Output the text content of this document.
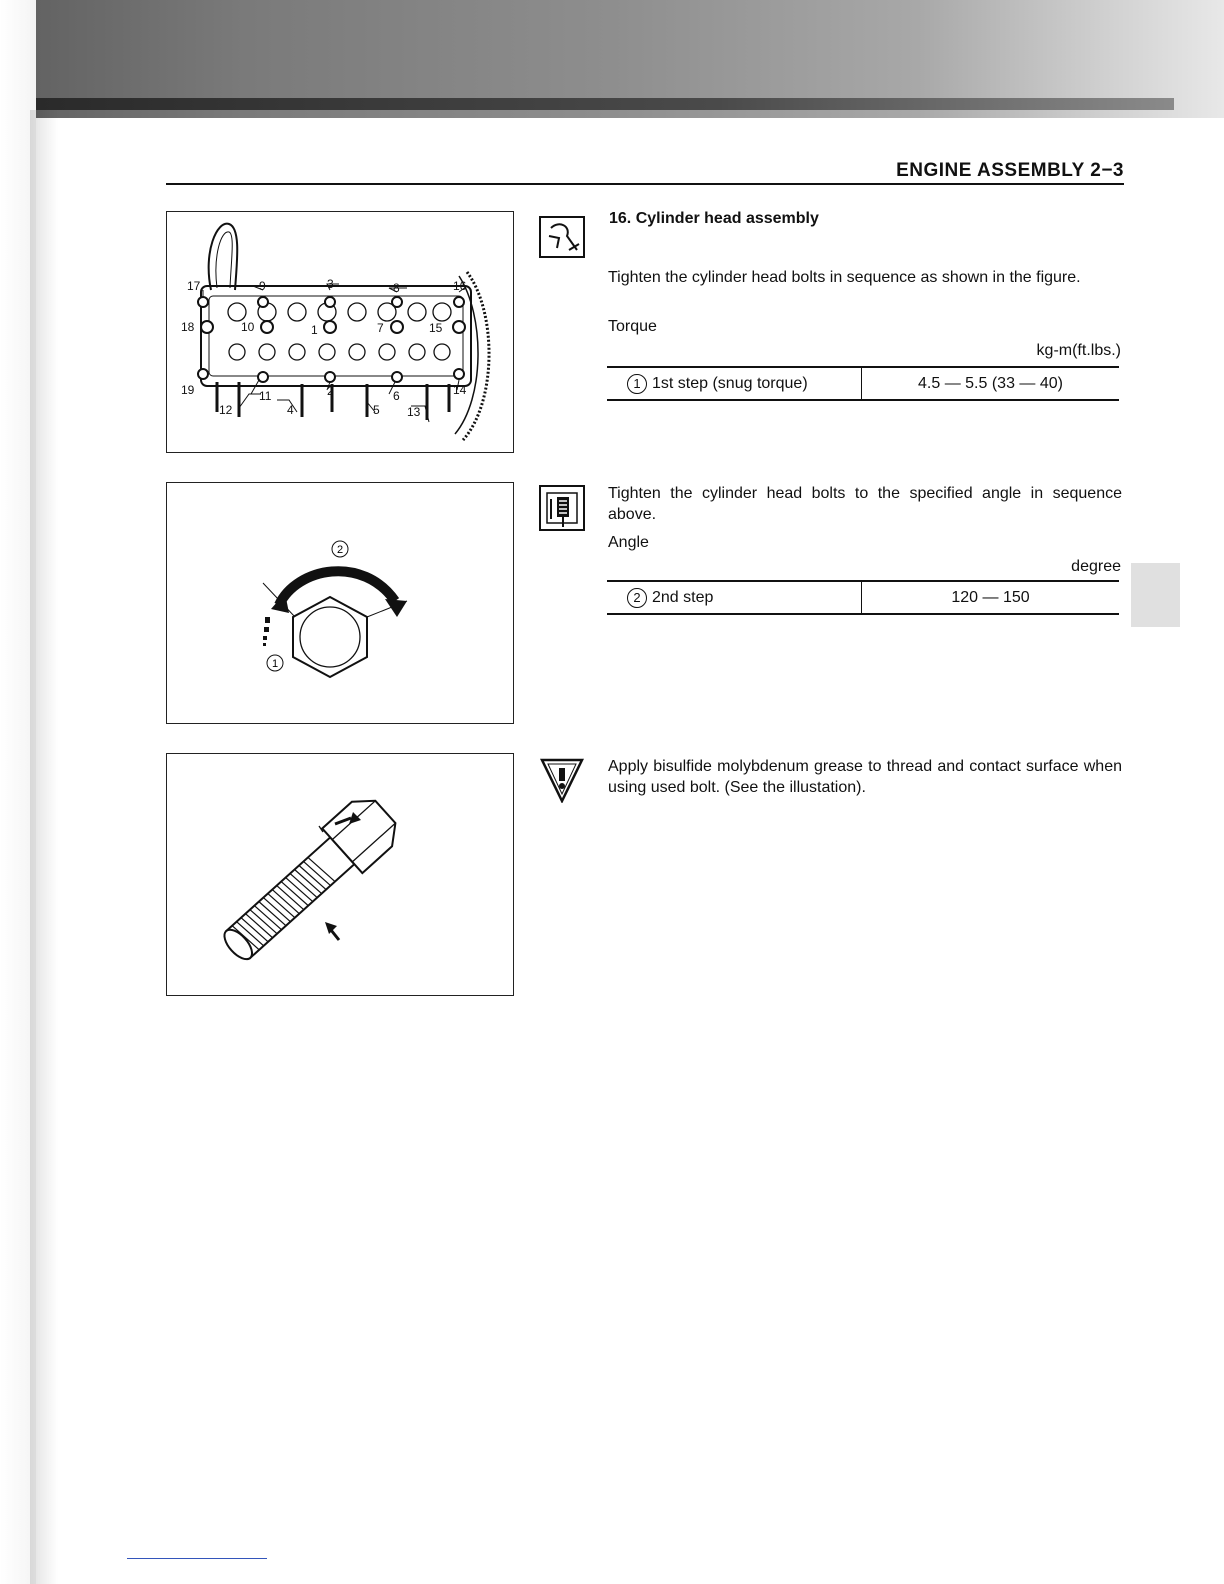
ENGINE ASSEMBLY 2−3
17	9	3	8	16
18	10	1	7	15
19	11	2	6	14
12	4	5 13
2
1
16. Cylinder head assembly
Tighten the cylinder head bolts in sequence as shown in the figure.
Torque
kg-m(ft.lbs.)
1 1st step (snug torque)	4.5 — 5.5 (33 — 40)
Tighten the cylinder head bolts to the specified angle in sequence above.
Angle
degree
2 2nd step	120 — 150
Apply bisulfide molybdenum grease to thread and contact surface when using used bolt. (See the illustation).
